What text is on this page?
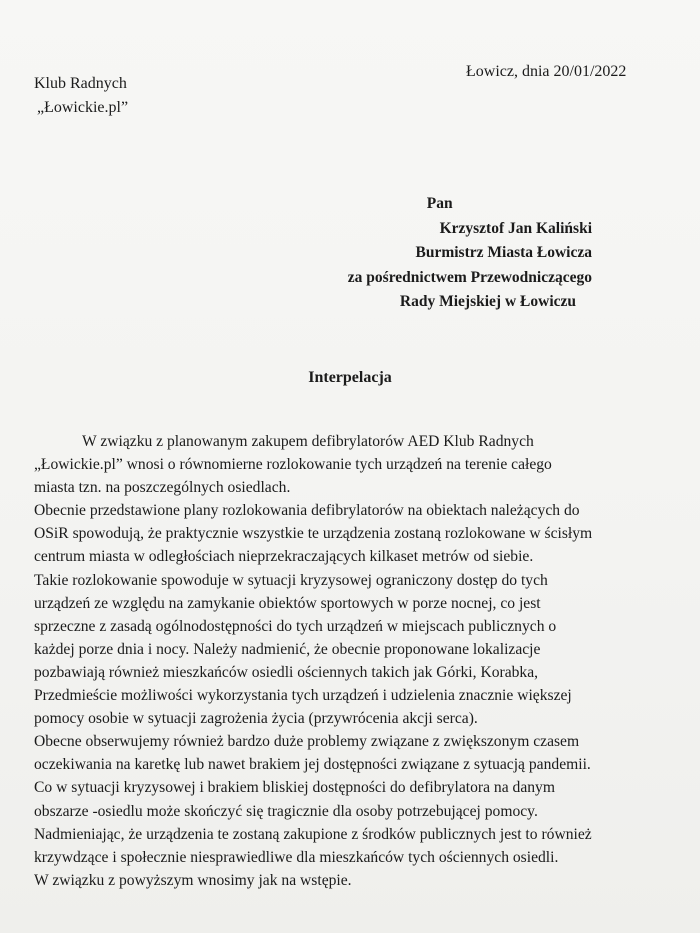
Klub Radnych
„Łowickie.pl”
Łowicz, dnia 20/01/2022
Pan
Krzysztof Jan Kaliński
Burmistrz Miasta Łowicza
za pośrednictwem Przewodniczącego
Rady Miejskiej w Łowiczu
Interpelacja
W związku z planowanym zakupem defibrylatorów AED Klub Radnych
„Łowickie.pl” wnosi o równomierne rozlokowanie tych urządzeń na terenie całego
miasta tzn. na poszczególnych osiedlach.
Obecnie przedstawione plany rozlokowania defibrylatorów na obiektach należących do
OSiR spowodują, że praktycznie wszystkie te urządzenia zostaną rozlokowane w ścisłym
centrum miasta w odległościach nieprzekraczających kilkaset metrów od siebie.
Takie rozlokowanie spowoduje w sytuacji kryzysowej ograniczony dostęp do tych
urządzeń ze względu na zamykanie obiektów sportowych w porze nocnej, co jest
sprzeczne z zasadą ogólnodostępności do tych urządzeń w miejscach publicznych o
każdej porze dnia i nocy. Należy nadmienić, że obecnie proponowane lokalizacje
pozbawiają również mieszkańców osiedli ościennych takich jak Górki, Korabka,
Przedmieście możliwości wykorzystania tych urządzeń i udzielenia znacznie większej
pomocy osobie w sytuacji zagrożenia życia (przywrócenia akcji serca).
Obecne obserwujemy również bardzo duże problemy związane z zwiększonym czasem
oczekiwania na karetkę lub nawet brakiem jej dostępności związane z sytuacją pandemii.
Co w sytuacji kryzysowej i brakiem bliskiej dostępności do defibrylatora na danym
obszarze -osiedlu może skończyć się tragicznie dla osoby potrzebującej pomocy.
Nadmieniając, że urządzenia te zostaną zakupione z środków publicznych jest to również
krzywdzące i społecznie niesprawiedliwe dla mieszkańców tych ościennych osiedli.
W związku z powyższym wnosimy jak na wstępie.
